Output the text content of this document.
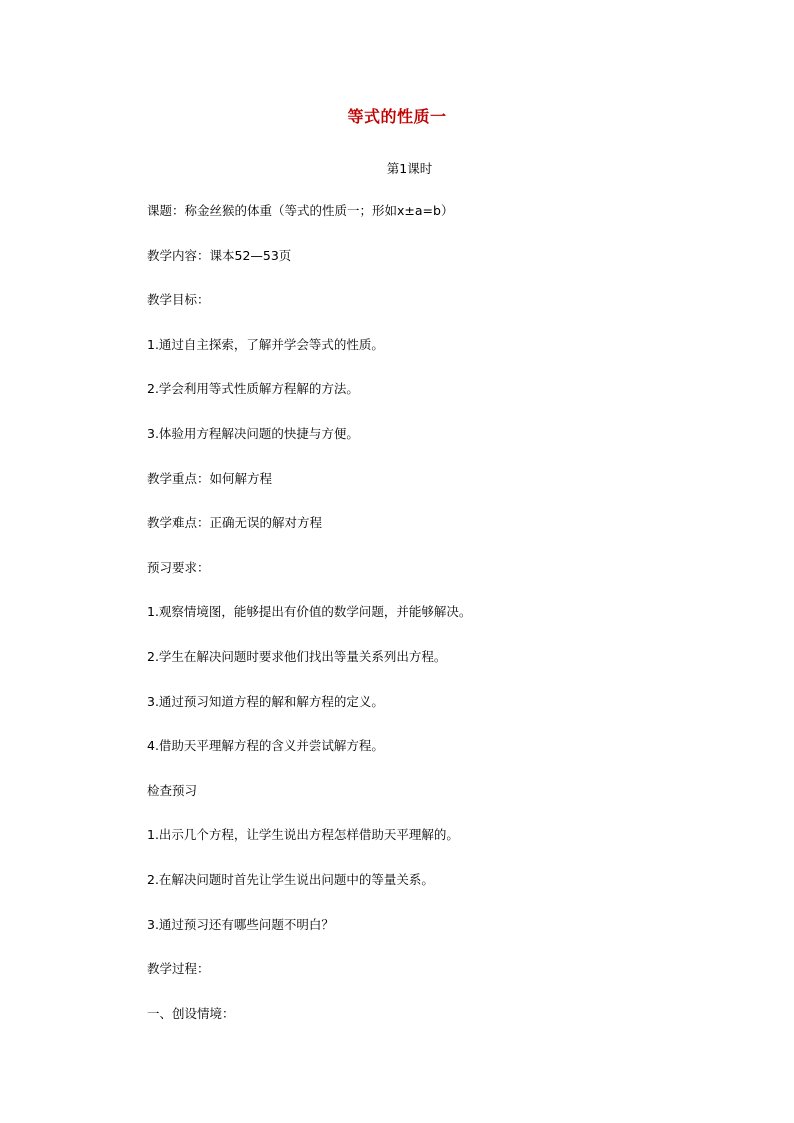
等式的性质一
第1课时
课题：称金丝猴的体重（等式的性质一；形如x±a=b）
教学内容：课本52—53页
教学目标：
1.通过自主探索，了解并学会等式的性质。
2.学会利用等式性质解方程解的方法。
3.体验用方程解决问题的快捷与方便。
教学重点：如何解方程
教学难点：正确无误的解对方程
预习要求：
1.观察情境图，能够提出有价值的数学问题，并能够解决。
2.学生在解决问题时要求他们找出等量关系列出方程。
3.通过预习知道方程的解和解方程的定义。
4.借助天平理解方程的含义并尝试解方程。
检查预习
1.出示几个方程，让学生说出方程怎样借助天平理解的。
2.在解决问题时首先让学生说出问题中的等量关系。
3.通过预习还有哪些问题不明白？
教学过程：
一、创设情境：
